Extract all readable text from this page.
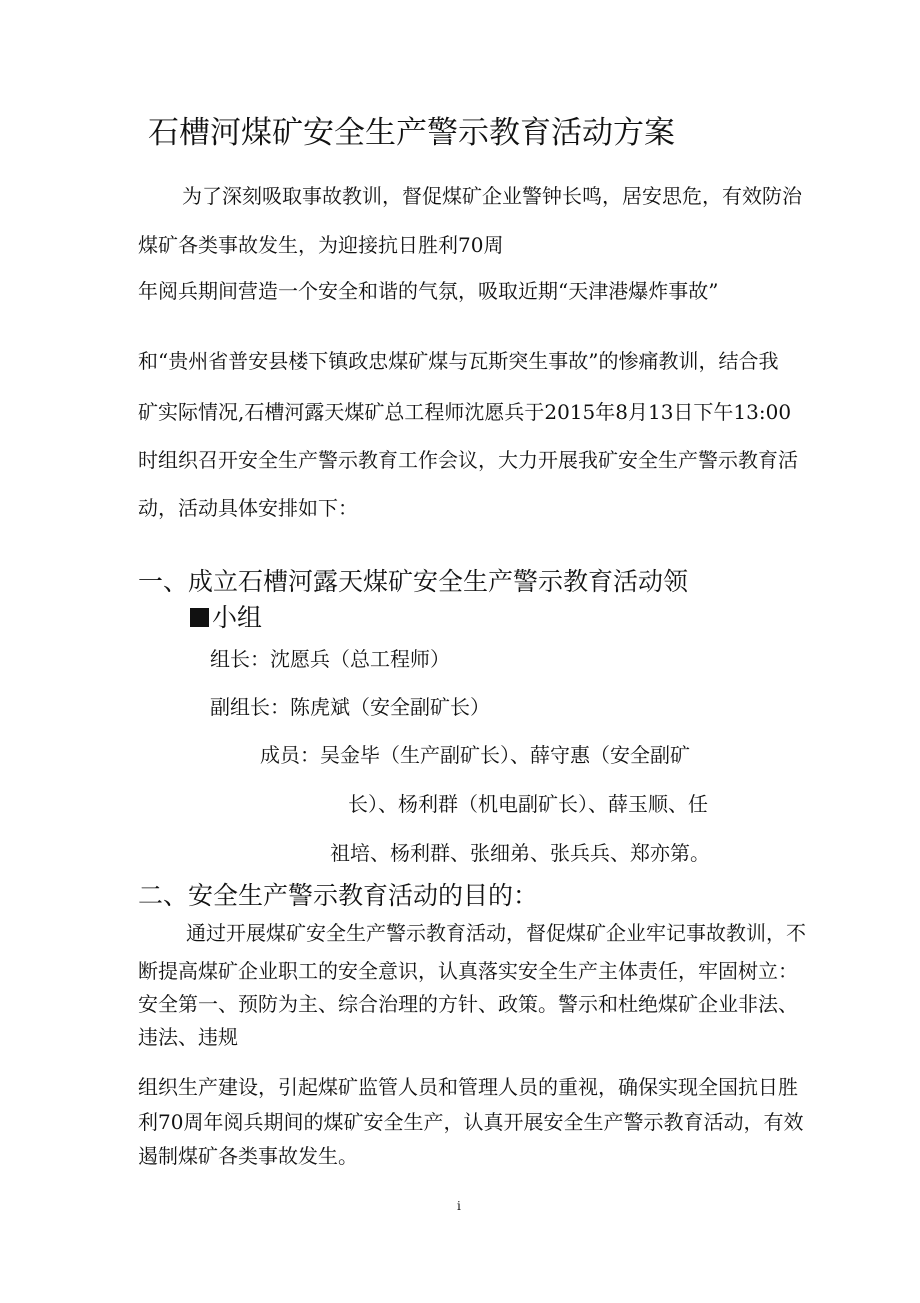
石槽河煤矿安全生产警示教育活动方案
为了深刻吸取事故教训，督促煤矿企业警钟长鸣，居安思危，有效防治
煤矿各类事故发生，为迎接抗日胜利70周
年阅兵期间营造一个安全和谐的气氛，吸取近期“天津港爆炸事故”
和“贵州省普安县楼下镇政忠煤矿煤与瓦斯突生事故”的惨痛教训，结合我
矿实际情况,石槽河露天煤矿总工程师沈愿兵于2015年8月13日下午13:00
时组织召开安全生产警示教育工作会议，大力开展我矿安全生产警示教育活
动，活动具体安排如下：
一、成立石槽河露天煤矿安全生产警示教育活动领
小组
组长：沈愿兵（总工程师）
副组长：陈虎斌（安全副矿长）
成员：吴金毕（生产副矿长）、薛守惠（安全副矿
长）、杨利群（机电副矿长）、薛玉顺、任
祖培、杨利群、张细弟、张兵兵、郑亦第。
二、安全生产警示教育活动的目的：
通过开展煤矿安全生产警示教育活动，督促煤矿企业牢记事故教训，不
断提高煤矿企业职工的安全意识，认真落实安全生产主体责任，牢固树立：
安全第一、预防为主、综合治理的方针、政策。警示和杜绝煤矿企业非法、
违法、违规
组织生产建设，引起煤矿监管人员和管理人员的重视，确保实现全国抗日胜
利70周年阅兵期间的煤矿安全生产，认真开展安全生产警示教育活动，有效
遏制煤矿各类事故发生。
i
